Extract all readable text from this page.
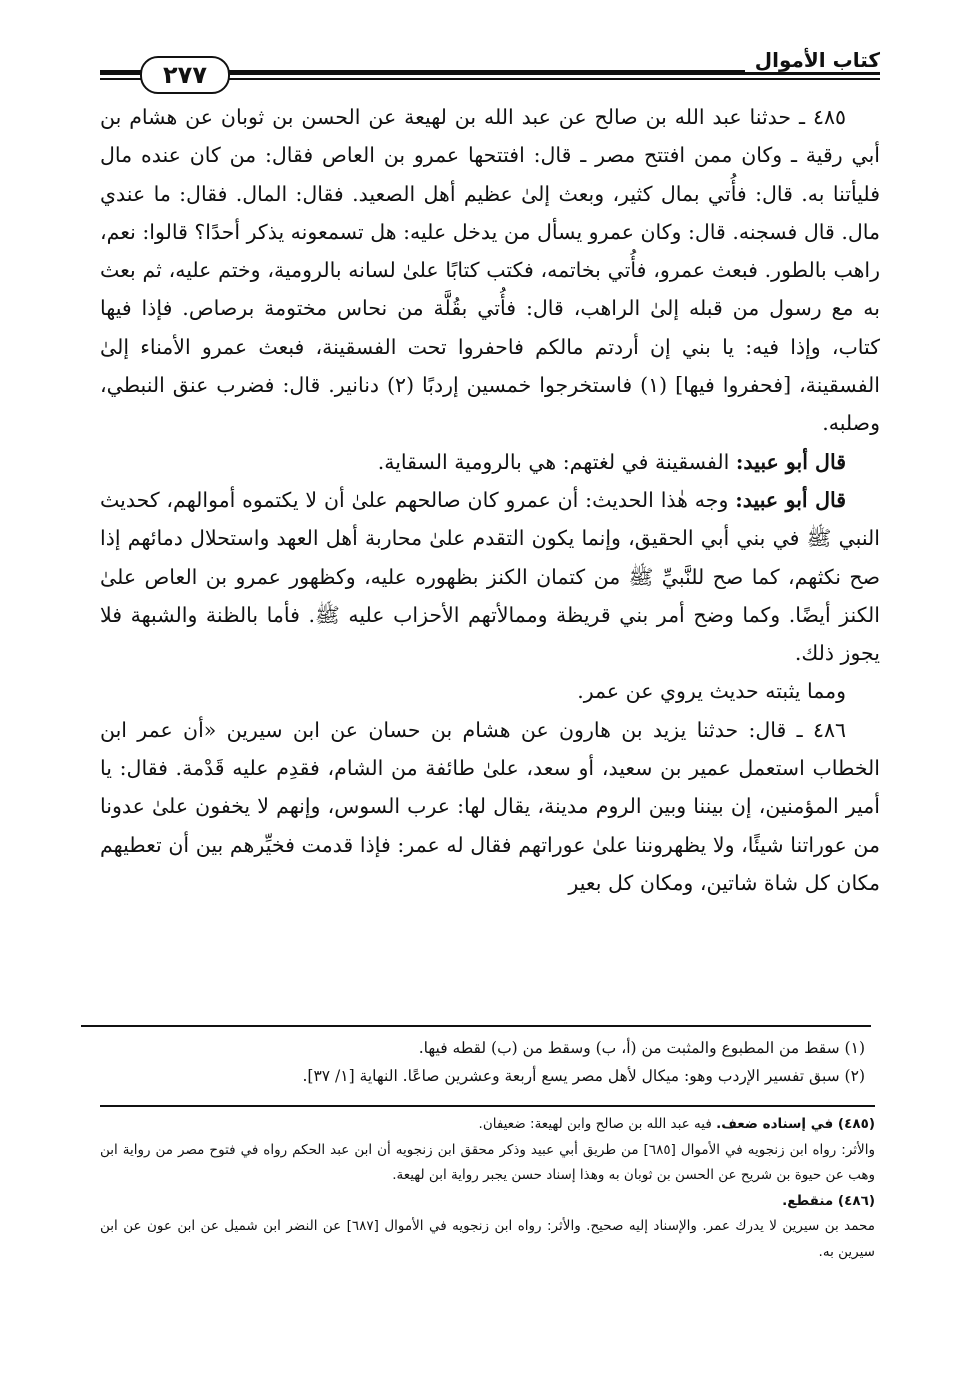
كتاب الأموال
٢٧٧

٤٨٥ ـ حدثنا عبد الله بن صالح عن عبد الله بن لهيعة عن الحسن بن ثوبان عن هشام بن أبي رقية ـ وكان ممن افتتح مصر ـ قال: افتتحها عمرو بن العاص فقال: من كان عنده مال فليأتنا به. قال: فأُتي بمال كثير، وبعث إلىٰ عظيم أهل الصعيد. فقال: المال. فقال: ما عندي مال. قال فسجنه. قال: وكان عمرو يسأل من يدخل عليه: هل تسمعونه يذكر أحدًا؟ قالوا: نعم، راهب بالطور. فبعث عمرو، فأُتي بخاتمه، فكتب كتابًا علىٰ لسانه بالرومية، وختم عليه، ثم بعث به مع رسول من قبله إلىٰ الراهب، قال: فأُتي بقُلَّة من نحاس مختومة برصاص. فإذا فيها كتاب، وإذا فيه: يا بني إن أردتم مالكم فاحفروا تحت الفسقينة، فبعث عمرو الأمناء إلىٰ الفسقينة، [فحفروا فيها] (١) فاستخرجوا خمسين إردبًا (٢) دنانير. قال: فضرب عنق النبطي، وصلبه.

قال أبو عبيد: الفسقينة في لغتهم: هي بالرومية السقاية.

قال أبو عبيد: وجه هٰذا الحديث: أن عمرو كان صالحهم علىٰ أن لا يكتموه أموالهم، كحديث النبي ﷺ في بني أبي الحقيق، وإنما يكون التقدم علىٰ محاربة أهل العهد واستحلال دمائهم إذا صح نكثهم، كما صح للنَّبيِّ ﷺ من كتمان الكنز بظهوره عليه، وكظهور عمرو بن العاص علىٰ الكنز أيضًا. وكما وضح أمر بني قريظة وممالأتهم الأحزاب عليه ﷺ. فأما بالظنة والشبهة فلا يجوز ذلك.

ومما يثبته حديث يروي عن عمر.

٤٨٦ ـ قال: حدثنا يزيد بن هارون عن هشام بن حسان عن ابن سيرين «أن عمر ابن الخطاب استعمل عمير بن سعيد، أو سعد، علىٰ طائفة من الشام، فقدِم عليه قَدْمة. فقال: يا أمير المؤمنين، إن بيننا وبين الروم مدينة، يقال لها: عرب السوس، وإنهم لا يخفون علىٰ عدونا من عوراتنا شيئًا، ولا يظهروننا علىٰ عوراتهم فقال له عمر: فإذا قدمت فخيِّرهم بين أن تعطيهم مكان كل شاة شاتين، ومكان كل بعير

(١) سقط من المطبوع والمثبت من (أ، ب) وسقط من (ب) لقطه فيها.

(٢) سبق تفسير الإردب وهو: ميكال لأهل مصر يسع أربعة وعشرين صاعًا. النهاية [١/ ٣٧].

(٤٨٥) في إسناده ضعف. فيه عبد الله بن صالح وابن لهيعة: ضعيفان.

والأثر: رواه ابن زنجويه في الأموال [٦٨٥] من طريق أبي عبيد وذكر محقق ابن زنجويه أن ابن عبد الحكم رواه في فتوح مصر من رواية ابن وهب عن حيوة بن شريح عن الحسن بن ثوبان به وهذا إسناد حسن يجبر رواية ابن لهيعة.

(٤٨٦) منقطع.

محمد بن سيرين لا يدرك عمر. والإسناد إليه صحيح. والأثر: رواه ابن زنجويه في الأموال [٦٨٧] عن النضر ابن شميل عن ابن عون عن ابن سيرين به.
